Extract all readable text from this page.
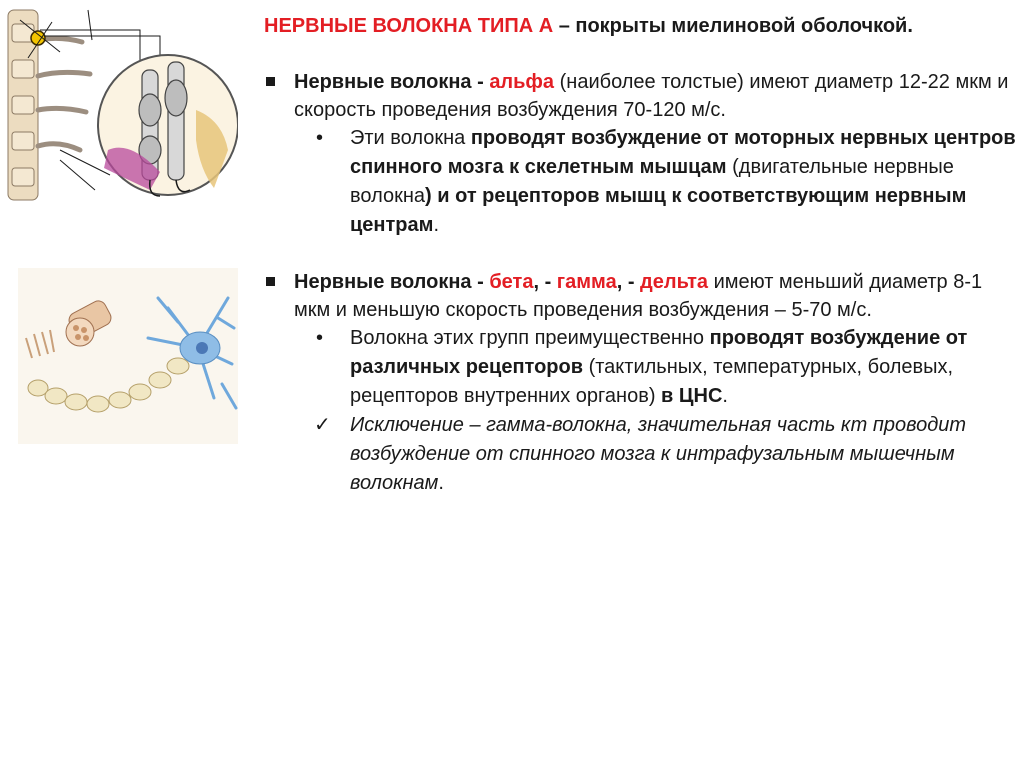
НЕРВНЫЕ ВОЛОКНА ТИПА А – покрыты миелиновой оболочкой.

Нервные волокна - альфа (наиболее толстые) имеют диаметр 12-22 мкм и скорость проведения возбуждения 70-120 м/с.

• Эти волокна проводят возбуждение от моторных нервных центров спинного мозга к скелетным мышцам (двигательные нервные волокна) и от рецепторов мышц к соответствующим нервным центрам.

Нервные волокна - бета, - гамма, - дельта имеют меньший диаметр 8-1 мкм и меньшую скорость проведения возбуждения – 5-70 м/с.

• Волокна этих групп преимущественно проводят возбуждение от различных рецепторов (тактильных, температурных, болевых, рецепторов внутренних органов) в ЦНС.

✓ Исключение – гамма-волокна, значительная часть кт проводит возбуждение от спинного мозга к интрафузальным мышечным волокнам.
